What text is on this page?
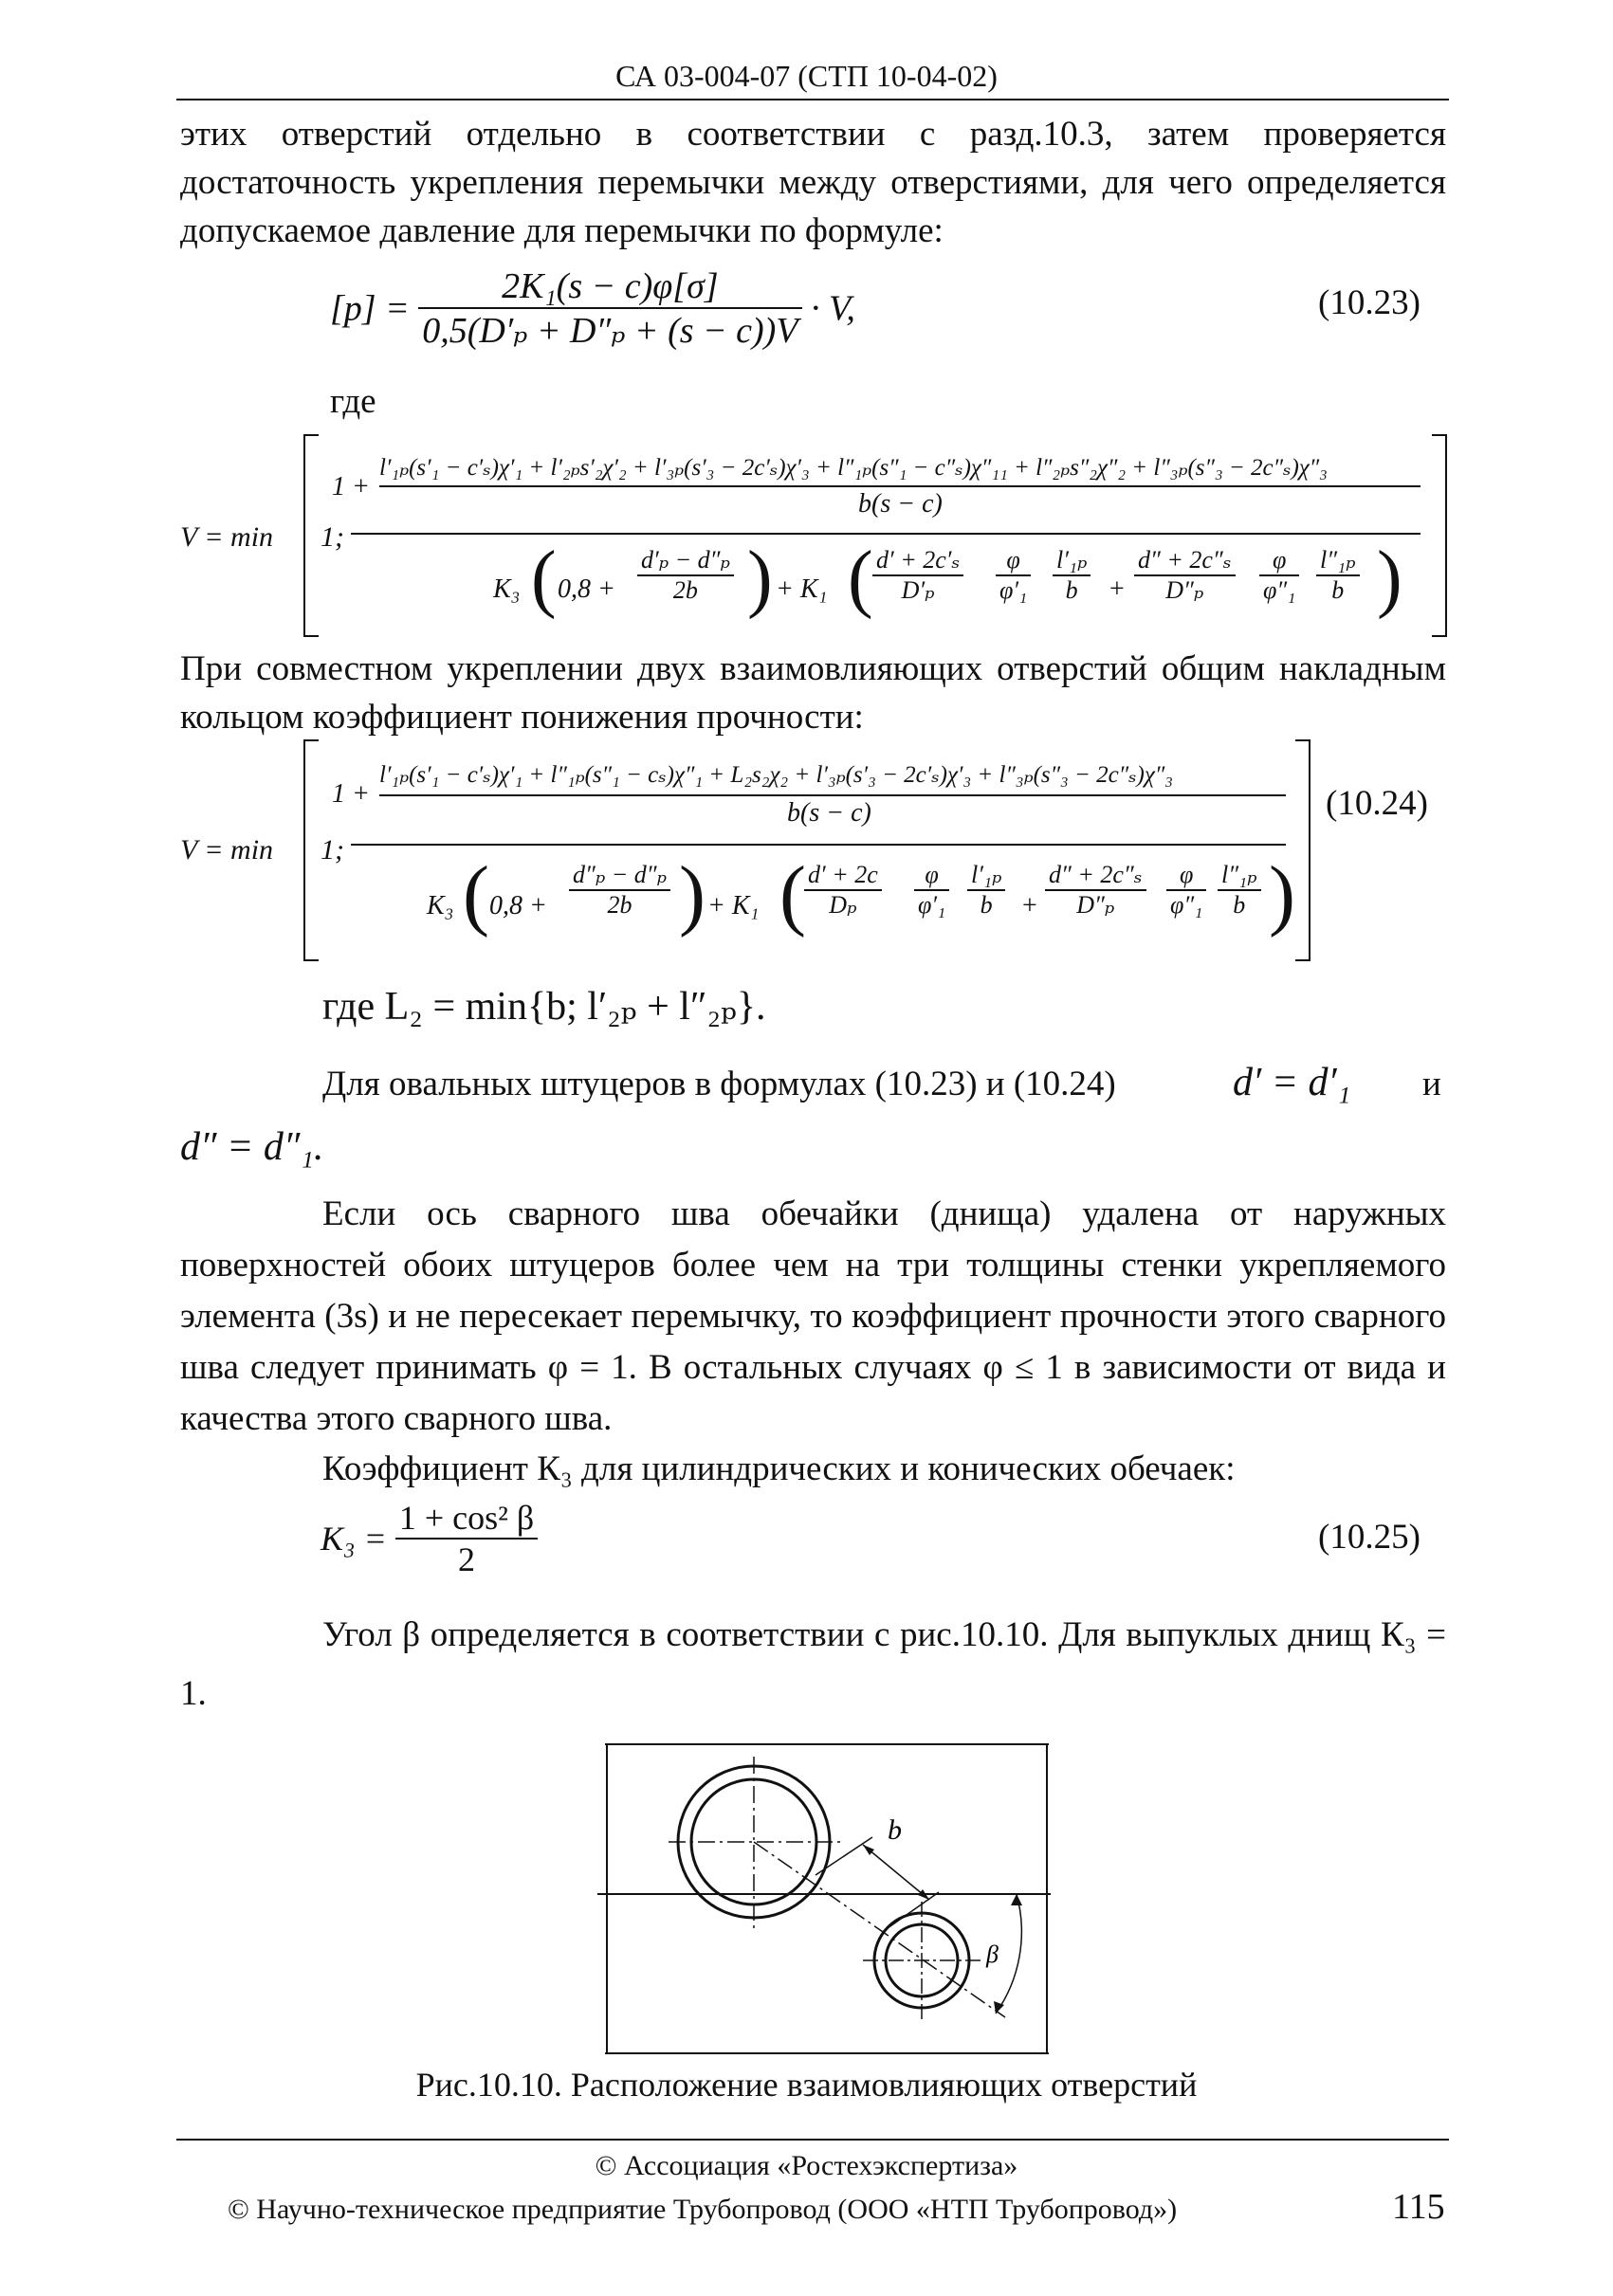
СА 03-004-07 (СТП 10-04-02)
этих отверстий отдельно в соответствии с разд.10.3, затем проверяется достаточность укрепления перемычки между отверстиями, для чего определяется допускаемое давление для перемычки по формуле:
$[p] = \frac{\text{2K₁(s − c)φ[σ]}}{\text{0,5(D′ₚ + D″ₚ + (s − c))V}} \cdot V$,	(10.23)
где
V = min 1;
1 +
l′₁ₚ(s′₁ − c′ₛ)χ′₁ + l′₂ₚs′₂χ′₂ + l′₃ₚ(s′₃ − 2c′ₛ)χ′₃ + l″₁ₚ(s″₁ − c″ₛ)χ″₁₁ + l″₂ₚs″₂χ″₂ + l″₃ₚ(s″₃ − 2c″ₛ)χ″₃
b(s − c)
K₃ ( $0,8 + \frac{\text{d′ₚ − d″ₚ}}{2b}$ ) + K₁ ( $\frac{\text{d′ + 2c′ₛ}}{\text{D′ₚ}} \frac{\varphi}{\text{φ′₁}} \frac{\text{l′₁ₚ}}{b} + \frac{\text{d″ + 2c″ₛ}}{\text{D″ₚ}} \frac{\varphi}{\text{φ″₁}} \frac{\text{l″₁ₚ}}{b}$ )
При совместном укреплении двух взаимовлияющих отверстий общим накладным кольцом коэффициент понижения прочности:
V = min 1;
1 +
l′₁ₚ(s′₁ − c′ₛ)χ′₁ + l″₁ₚ(s″₁ − cₛ)χ″₁ + L₂s₂χ₂ + l′₃ₚ(s′₃ − 2c′ₛ)χ′₃ + l″₃ₚ(s″₃ − 2c″ₛ)χ″₃
b(s − c)
K₃ ( $0,8 + \frac{\text{d″ₚ − d″ₚ}}{2b}$ ) + K₁ (
$\frac{d' + 2c}{\text{Dₚ}} \frac{\varphi}{\text{φ′₁}} \frac{\text{l′₁ₚ}}{b} + \frac{\text{d″ + 2c″ₛ}}{\text{D″ₚ}} \frac{\varphi}{\text{φ″₁}} \frac{\text{l″₁ₚ}}{b}$ )
(10.24)
где L₂ = min{b; l′₂ₚ + l″₂ₚ}.
Для овальных штуцеров в формулах (10.23) и (10.24)	d′ = d′₁ и
d″ = d″₁.
Если ось сварного шва обечайки (днища) удалена от наружных поверхностей обоих штуцеров более чем на три толщины стенки укрепляемого элемента (3s) и не пересекает перемычку, то коэффициент прочности этого сварного шва следует принимать φ = 1. В остальных случаях φ ≤ 1 в зависимости от вида и качества этого сварного шва.
Коэффициент К₃ для цилиндрических и конических обечаек:
$K_3 = \frac{\text{1 + cos² β}}{2}$	(10.25)
Угол β определяется в соответствии с рис.10.10. Для выпуклых днищ К₃ = 1.
b
β
Рис.10.10. Расположение взаимовлияющих отверстий
© Ассоциация «Ростехэкспертиза»
© Научно-техническое предприятие Трубопровод (ООО «НТП Трубопровод»)	115
